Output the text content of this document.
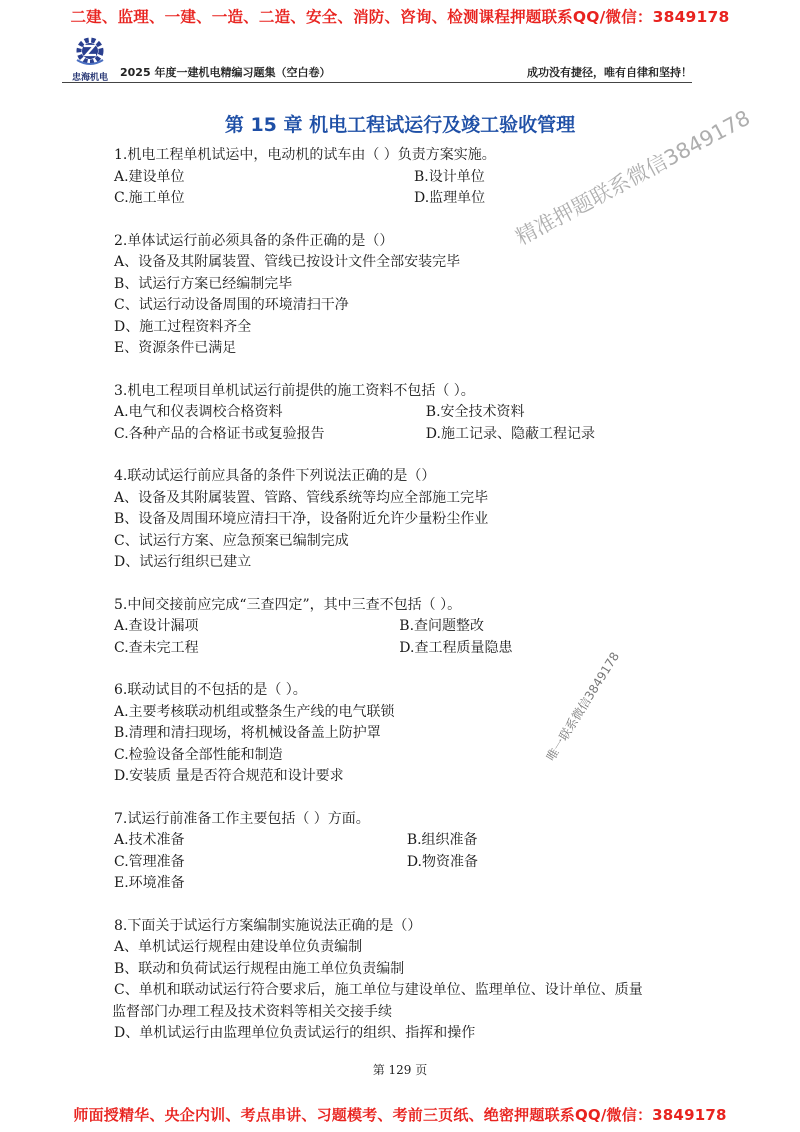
二建、监理、一建、一造、二造、安全、消防、咨询、检测课程押题联系QQ/微信：3849178
忠海机电	2025 年度一建机电精编习题集（空白卷）	成功没有捷径，唯有自律和坚持！
第 15 章 机电工程试运行及竣工验收管理
1.机电工程单机试运中，电动机的试车由（ ）负责方案实施。
A.建设单位	B.设计单位
C.施工单位	D.监理单位
2.单体试运行前必须具备的条件正确的是（）
A、设备及其附属装置、管线已按设计文件全部安装完毕
B、试运行方案已经编制完毕
C、试运行动设备周围的环境清扫干净
D、施工过程资料齐全
E、资源条件已满足
3.机电工程项目单机试运行前提供的施工资料不包括（ ）。
A.电气和仪表调校合格资料	B.安全技术资料
C.各种产品的合格证书或复验报告	D.施工记录、隐蔽工程记录
4.联动试运行前应具备的条件下列说法正确的是（）
A、设备及其附属装置、管路、管线系统等均应全部施工完毕
B、设备及周围环境应清扫干净，设备附近允许少量粉尘作业
C、试运行方案、应急预案已编制完成
D、试运行组织已建立
5.中间交接前应完成“三查四定”，其中三查不包括（ ）。
A.查设计漏项	B.查问题整改
C.查未完工程	D.查工程质量隐患
6.联动试目的不包括的是（ ）。
A.主要考核联动机组或整条生产线的电气联锁
B.清理和清扫现场，将机械设备盖上防护罩
C.检验设备全部性能和制造
D.安装质 量是否符合规范和设计要求
7.试运行前准备工作主要包括（ ）方面。
A.技术准备	B.组织准备
C.管理准备	D.物资准备
E.环境准备
8.下面关于试运行方案编制实施说法正确的是（）
A、单机试运行规程由建设单位负责编制
B、联动和负荷试运行规程由施工单位负责编制
C、单机和联动试运行符合要求后，施工单位与建设单位、监理单位、设计单位、质量
监督部门办理工程及技术资料等相关交接手续
D、单机试运行由监理单位负责试运行的组织、指挥和操作
精准押题联系微信3849178
唯一联系微信3849178
第 129 页
师面授精华、央企内训、考点串讲、习题模考、考前三页纸、绝密押题联系QQ/微信：3849178
